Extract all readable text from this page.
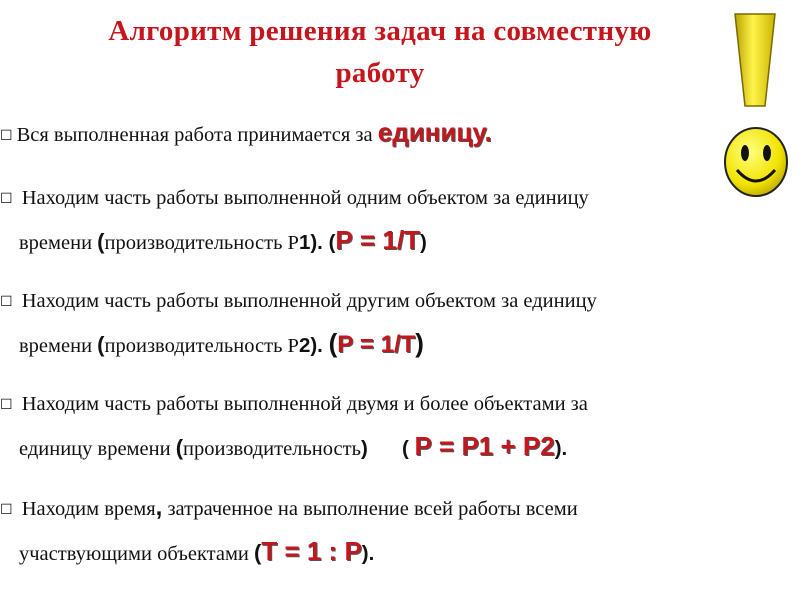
Алгоритм решения задач на совместную
работу
☐ Вся выполненная работа принимается за единицу.
☐ Находим часть работы выполненной одним объектом за единицу
времени (производительность Р1). (Р = 1/Т)
☐ Находим часть работы выполненной другим объектом за единицу
времени (производительность Р2). (Р = 1/Т)
☐ Находим часть работы выполненной двумя и более объектами за
единицу времени (производительность)      ( Р = Р1 + Р2).
☐ Находим время, затраченное на выполнение всей работы всеми
участвующими объектами (Т = 1 : Р).
